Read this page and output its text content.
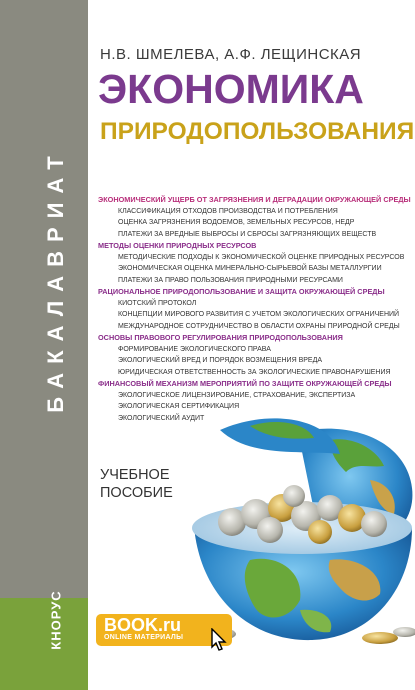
БАКАЛАВРИАТ
КНОРУС
Н.В. ШМЕЛЕВА, А.Ф. ЛЕЩИНСКАЯ
ЭКОНОМИКА
ПРИРОДОПОЛЬЗОВАНИЯ
ЭКОНОМИЧЕСКИЙ УЩЕРБ ОТ ЗАГРЯЗНЕНИЯ И ДЕГРАДАЦИИ ОКРУЖАЮЩЕЙ СРЕДЫ
КЛАССИФИКАЦИЯ ОТХОДОВ ПРОИЗВОДСТВА И ПОТРЕБЛЕНИЯ
ОЦЕНКА ЗАГРЯЗНЕНИЯ ВОДОЕМОВ, ЗЕМЕЛЬНЫХ РЕСУРСОВ, НЕДР
ПЛАТЕЖИ ЗА ВРЕДНЫЕ ВЫБРОСЫ И СБРОСЫ ЗАГРЯЗНЯЮЩИХ ВЕЩЕСТВ
МЕТОДЫ ОЦЕНКИ ПРИРОДНЫХ РЕСУРСОВ
МЕТОДИЧЕСКИЕ ПОДХОДЫ К ЭКОНОМИЧЕСКОЙ ОЦЕНКЕ ПРИРОДНЫХ РЕСУРСОВ
ЭКОНОМИЧЕСКАЯ ОЦЕНКА МИНЕРАЛЬНО-СЫРЬЕВОЙ БАЗЫ МЕТАЛЛУРГИИ
ПЛАТЕЖИ ЗА ПРАВО ПОЛЬЗОВАНИЯ ПРИРОДНЫМИ РЕСУРСАМИ
РАЦИОНАЛЬНОЕ ПРИРОДОПОЛЬЗОВАНИЕ И ЗАЩИТА ОКРУЖАЮЩЕЙ СРЕДЫ
КИОТСКИЙ ПРОТОКОЛ
КОНЦЕПЦИИ МИРОВОГО РАЗВИТИЯ С УЧЕТОМ ЭКОЛОГИЧЕСКИХ ОГРАНИЧЕНИЙ
МЕЖДУНАРОДНОЕ СОТРУДНИЧЕСТВО В ОБЛАСТИ ОХРАНЫ ПРИРОДНОЙ СРЕДЫ
ОСНОВЫ ПРАВОВОГО РЕГУЛИРОВАНИЯ ПРИРОДОПОЛЬЗОВАНИЯ
ФОРМИРОВАНИЕ ЭКОЛОГИЧЕСКОГО ПРАВА
ЭКОЛОГИЧЕСКИЙ ВРЕД И ПОРЯДОК ВОЗМЕЩЕНИЯ ВРЕДА
ЮРИДИЧЕСКАЯ ОТВЕТСТВЕННОСТЬ ЗА ЭКОЛОГИЧЕСКИЕ ПРАВОНАРУШЕНИЯ
ФИНАНСОВЫЙ МЕХАНИЗМ МЕРОПРИЯТИЙ ПО ЗАЩИТЕ ОКРУЖАЮЩЕЙ СРЕДЫ
ЭКОЛОГИЧЕСКОЕ ЛИЦЕНЗИРОВАНИЕ, СТРАХОВАНИЕ, ЭКСПЕРТИЗА
ЭКОЛОГИЧЕСКАЯ СЕРТИФИКАЦИЯ
ЭКОЛОГИЧЕСКИЙ АУДИТ
УЧЕБНОЕ
ПОСОБИЕ
BOOK.ru
ONLINE МАТЕРИАЛЫ
